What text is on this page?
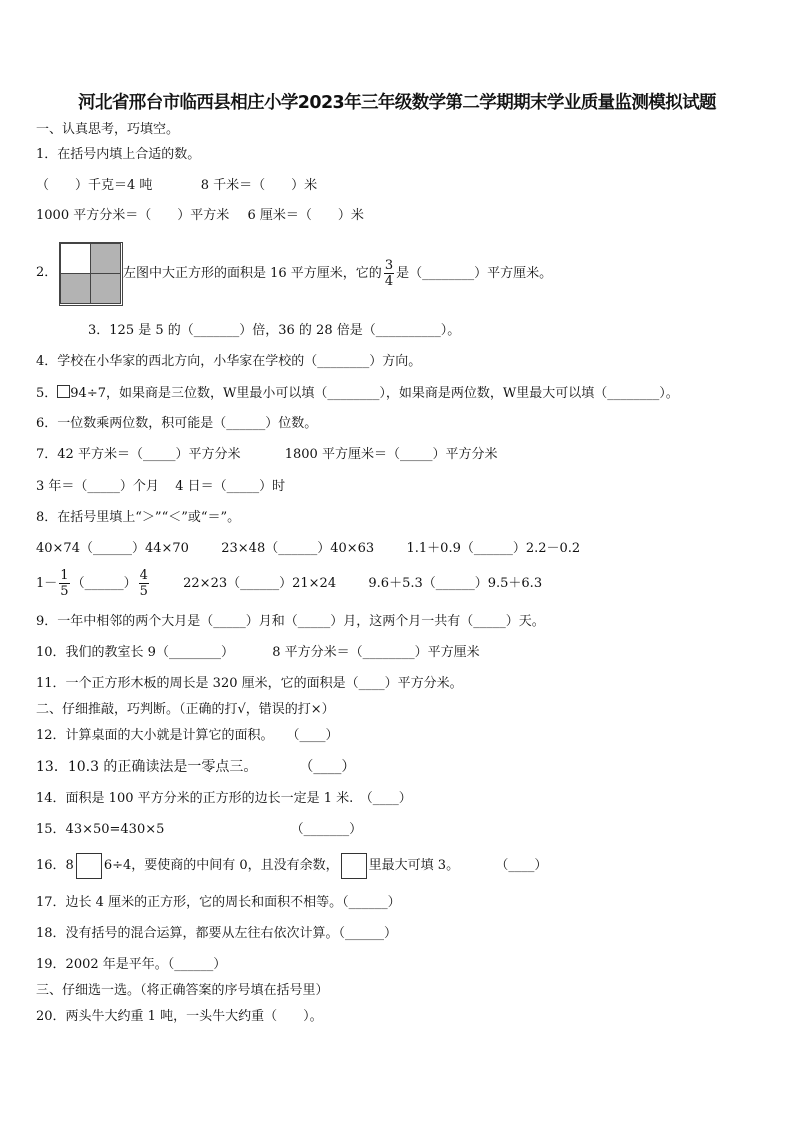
河北省邢台市临西县相庄小学2023年三年级数学第二学期期末学业质量监测模拟试题
一、认真思考，巧填空。
1．在括号内填上合适的数。
（　　）千克＝4 吨	8 千米＝（　　）米
1000 平方分米＝（　　）平方米 6 厘米＝（　　）米
2．	左图中大正方形的面积是 16 平方厘米，它的 $\frac{3}{4}$ 是（________）平方厘米。
3．125 是 5 的（_______）倍，36 的 28 倍是（__________）。
4．学校在小华家的西北方向，小华家在学校的（________）方向。
5． 94÷7，如果商是三位数，W里最小可以填（________），如果商是两位数，W里最大可以填（________）。
6．一位数乘两位数，积可能是（______）位数。
7．42 平方米＝（_____）平方分米	1800 平方厘米＝（_____）平方分米
3 年＝（_____）个月 4 日＝（_____）时
8．在括号里填上“＞”“＜”或“＝”。
40×74（______）44×70 23×48（______）40×63 1.1＋0.9（______）2.2－0.2
$1- \frac{1}{5}$ （______） $\frac{4}{5}$	22×23（______）21×24 9.6＋5.3（______）9.5＋6.3
9．一年中相邻的两个大月是（_____）月和（_____）月，这两个月一共有（_____）天。
10．我们的教室长 9（________）	8 平方分米＝（________）平方厘米
11．一个正方形木板的周长是 320 厘米，它的面积是（____）平方分米。
二、仔细推敲，巧判断。（正确的打√，错误的打×）
12．计算桌面的大小就是计算它的面积。　　（____）
13．10.3 的正确读法是一零点三。　　　　（____）
14．面积是 100 平方分米的正方形的边长一定是 1 米.　（____）
15．43×50=430×5	（_______）
16．8 6÷4，要使商的中间有 0，且没有余数， 里最大可填 3。	（____）
17．边长 4 厘米的正方形，它的周长和面积不相等。（______）
18．没有括号的混合运算，都要从左往右依次计算。（______）
19．2002 年是平年。（______）
三、仔细选一选。（将正确答案的序号填在括号里）
20．两头牛大约重 1 吨，一头牛大约重（　　）。
